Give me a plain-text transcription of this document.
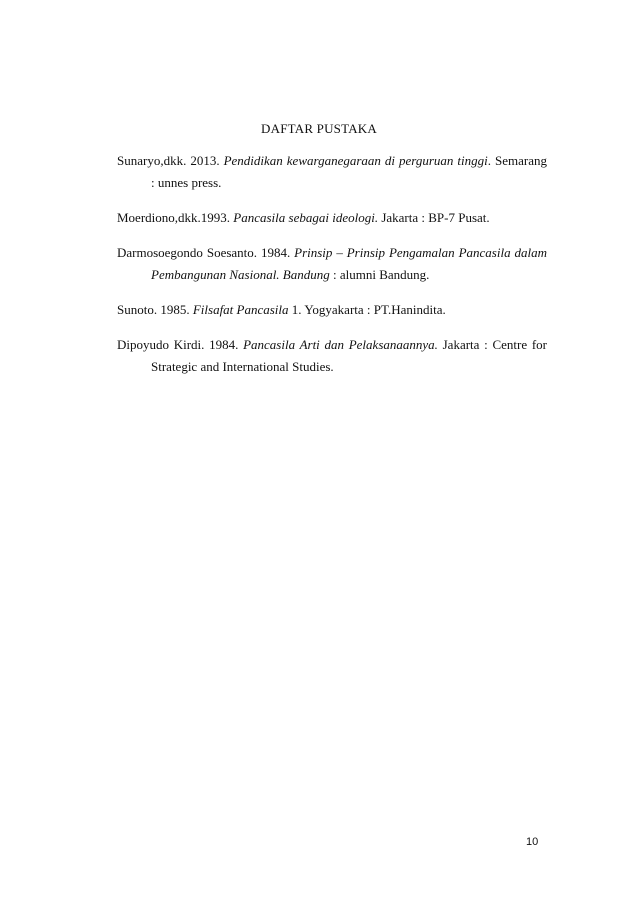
DAFTAR PUSTAKA

Sunaryo,dkk. 2013. Pendidikan kewarganegaraan di perguruan tinggi. Semarang : unnes press.

Moerdiono,dkk.1993. Pancasila sebagai ideologi. Jakarta : BP-7 Pusat.

Darmosoegondo Soesanto. 1984. Prinsip – Prinsip Pengamalan Pancasila dalam Pembangunan Nasional. Bandung : alumni Bandung.

Sunoto. 1985. Filsafat Pancasila 1. Yogyakarta : PT.Hanindita.

Dipoyudo Kirdi. 1984. Pancasila Arti dan Pelaksanaannya. Jakarta : Centre for Strategic and International Studies.

10
